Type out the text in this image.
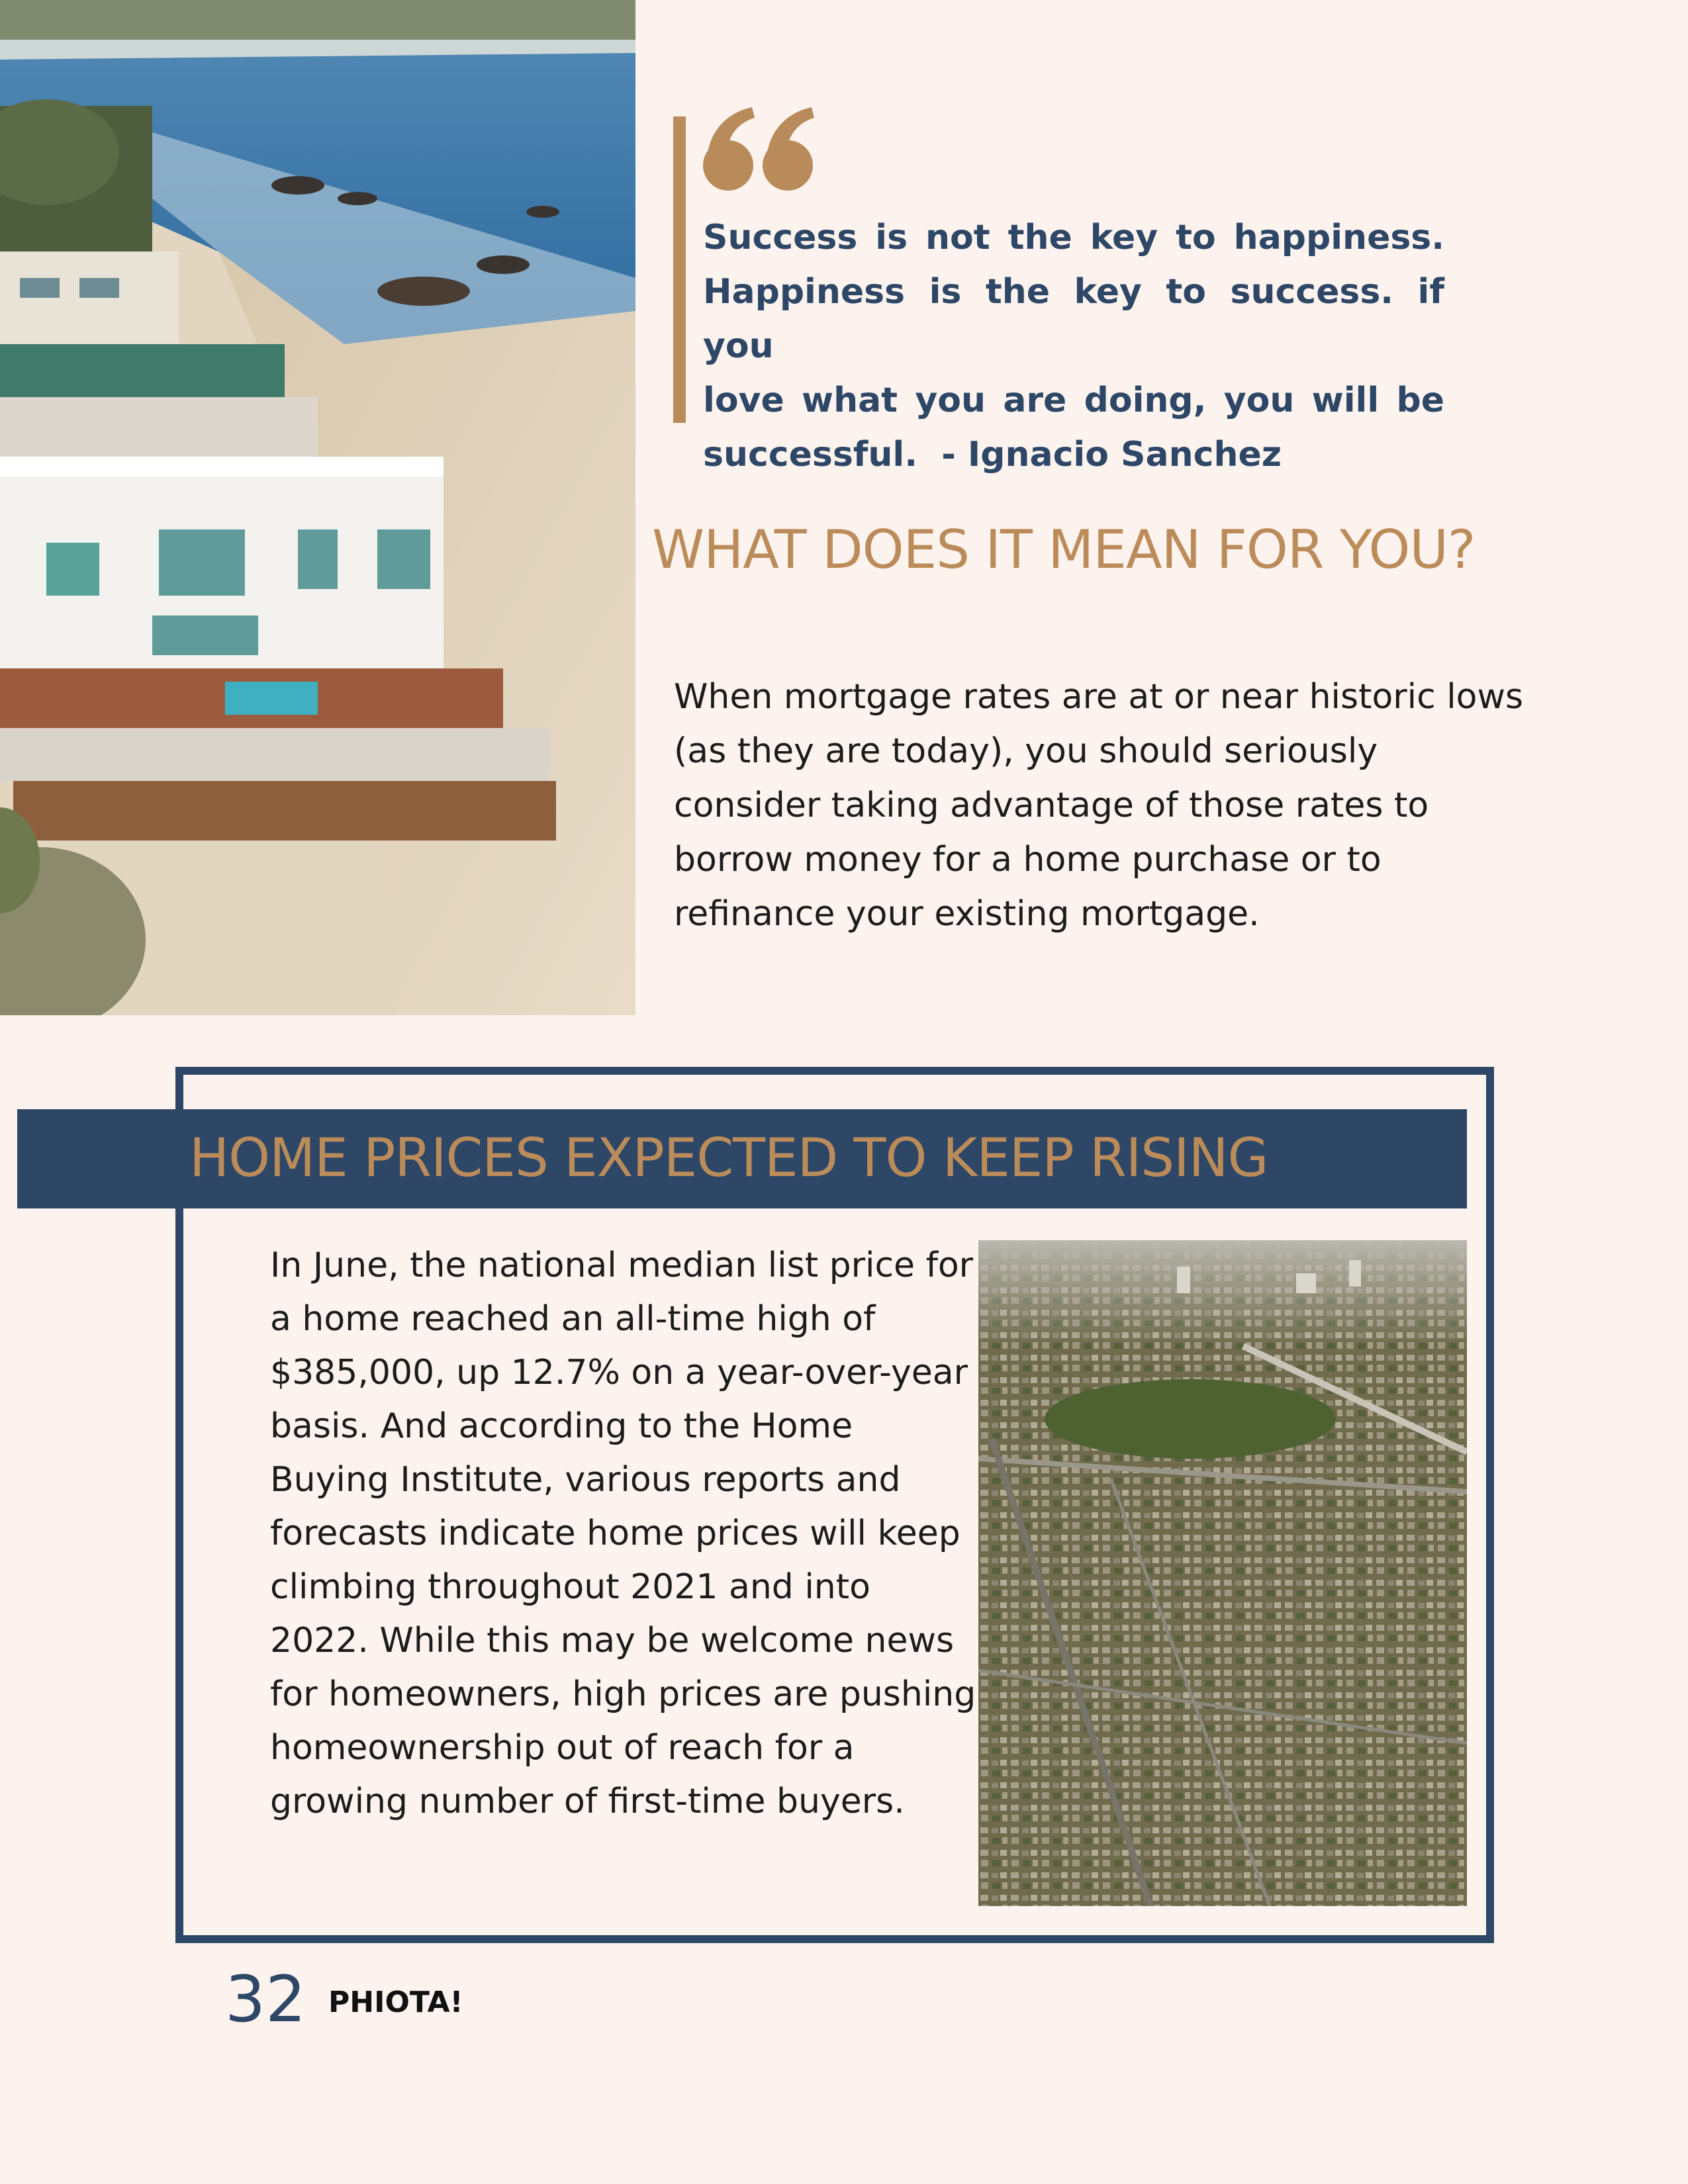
Success is not the key to happiness.
Happiness is the key to success. if you
love what you are doing, you will be
successful.  - Ignacio Sanchez
WHAT DOES IT MEAN FOR YOU?
When mortgage rates are at or near historic lows (as they are today), you should seriously consider taking advantage of those rates to borrow money for a home purchase or to refinance your existing mortgage.
HOME PRICES EXPECTED TO KEEP RISING
In June, the national median list price for a home reached an all-time high of $385,000, up 12.7% on a year-over-year basis. And according to the Home Buying Institute, various reports and forecasts indicate home prices will keep climbing throughout 2021 and into 2022. While this may be welcome news for homeowners, high prices are pushing homeownership out of reach for a growing number of first-time buyers.
32 PHIOTA!
